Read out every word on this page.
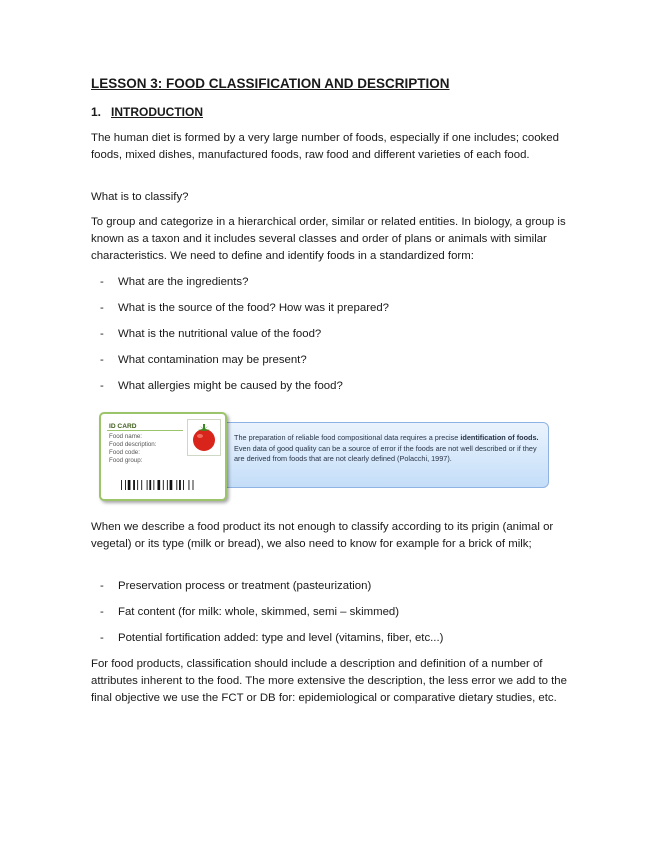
LESSON 3: FOOD CLASSIFICATION AND DESCRIPTION
1. INTRODUCTION

The human diet is formed by a very large number of foods, especially if one includes; cooked foods, mixed dishes, manufactured foods, raw food and different varieties of each food.

What is to classify?

To group and categorize in a hierarchical order, similar or related entities. In biology, a group is known as a taxon and it includes several classes and order of plans or animals with similar characteristics. We need to define and identify foods in a standardized form:

- What are the ingredients?
- What is the source of the food? How was it prepared?
- What is the nutritional value of the food?
- What contamination may be present?
- What allergies might be caused by the food?

The preparation of reliable food compositional data requires a precise identification of foods. Even data of good quality can be a source of error if the foods are not well described or if they are derived from foods that are not clearly defined (Polacchi, 1997).

ID CARD

Food name:
Food description:
Food code:
Food group:

When we describe a food product its not enough to classify according to its prigin (animal or vegetal) or its type (milk or bread), we also need to know for example for a brick of milk;

- Preservation process or treatment (pasteurization)
- Fat content (for milk: whole, skimmed, semi – skimmed)
- Potential fortification added: type and level (vitamins, fiber, etc...)

For food products, classification should include a description and definition of a number of attributes inherent to the food. The more extensive the description, the less error we add to the final objective we use the FCT or DB for: epidemiological or comparative dietary studies, etc.
